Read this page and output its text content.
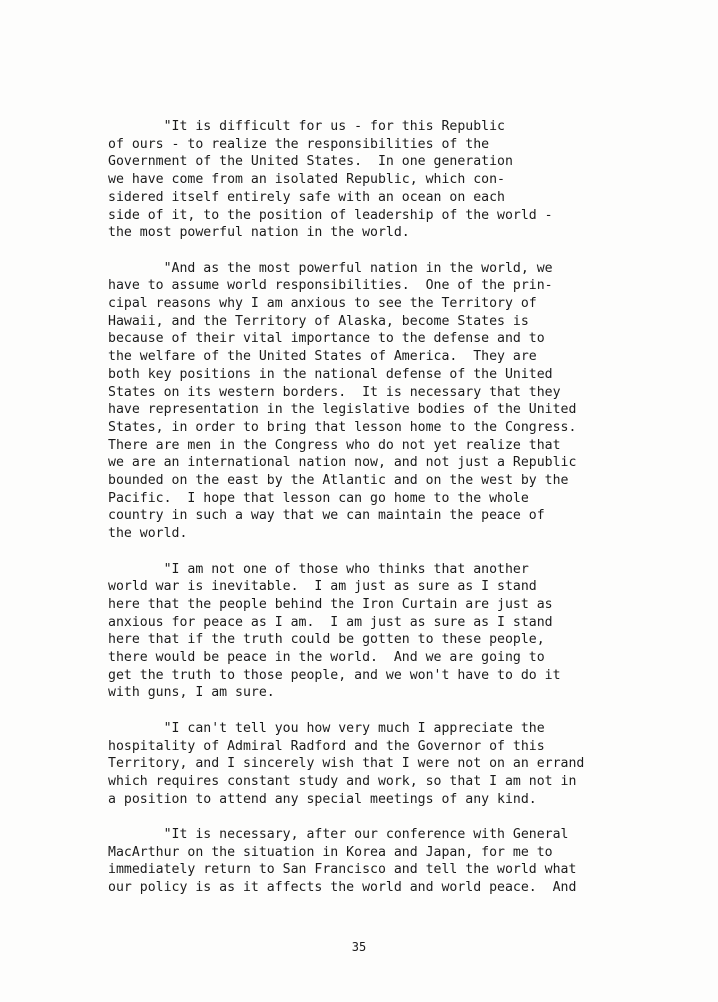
"It is difficult for us - for this Republic
of ours - to realize the responsibilities of the
Government of the United States.  In one generation
we have come from an isolated Republic, which con-
sidered itself entirely safe with an ocean on each
side of it, to the position of leadership of the world -
the most powerful nation in the world.

"And as the most powerful nation in the world, we
have to assume world responsibilities.  One of the prin-
cipal reasons why I am anxious to see the Territory of
Hawaii, and the Territory of Alaska, become States is
because of their vital importance to the defense and to
the welfare of the United States of America.  They are
both key positions in the national defense of the United
States on its western borders.  It is necessary that they
have representation in the legislative bodies of the United
States, in order to bring that lesson home to the Congress.
There are men in the Congress who do not yet realize that
we are an international nation now, and not just a Republic
bounded on the east by the Atlantic and on the west by the
Pacific.  I hope that lesson can go home to the whole
country in such a way that we can maintain the peace of
the world.

"I am not one of those who thinks that another
world war is inevitable.  I am just as sure as I stand
here that the people behind the Iron Curtain are just as
anxious for peace as I am.  I am just as sure as I stand
here that if the truth could be gotten to these people,
there would be peace in the world.  And we are going to
get the truth to those people, and we won't have to do it
with guns, I am sure.

"I can't tell you how very much I appreciate the
hospitality of Admiral Radford and the Governor of this
Territory, and I sincerely wish that I were not on an errand
which requires constant study and work, so that I am not in
a position to attend any special meetings of any kind.

"It is necessary, after our conference with General
MacArthur on the situation in Korea and Japan, for me to
immediately return to San Francisco and tell the world what
our policy is as it affects the world and world peace.  And

35
